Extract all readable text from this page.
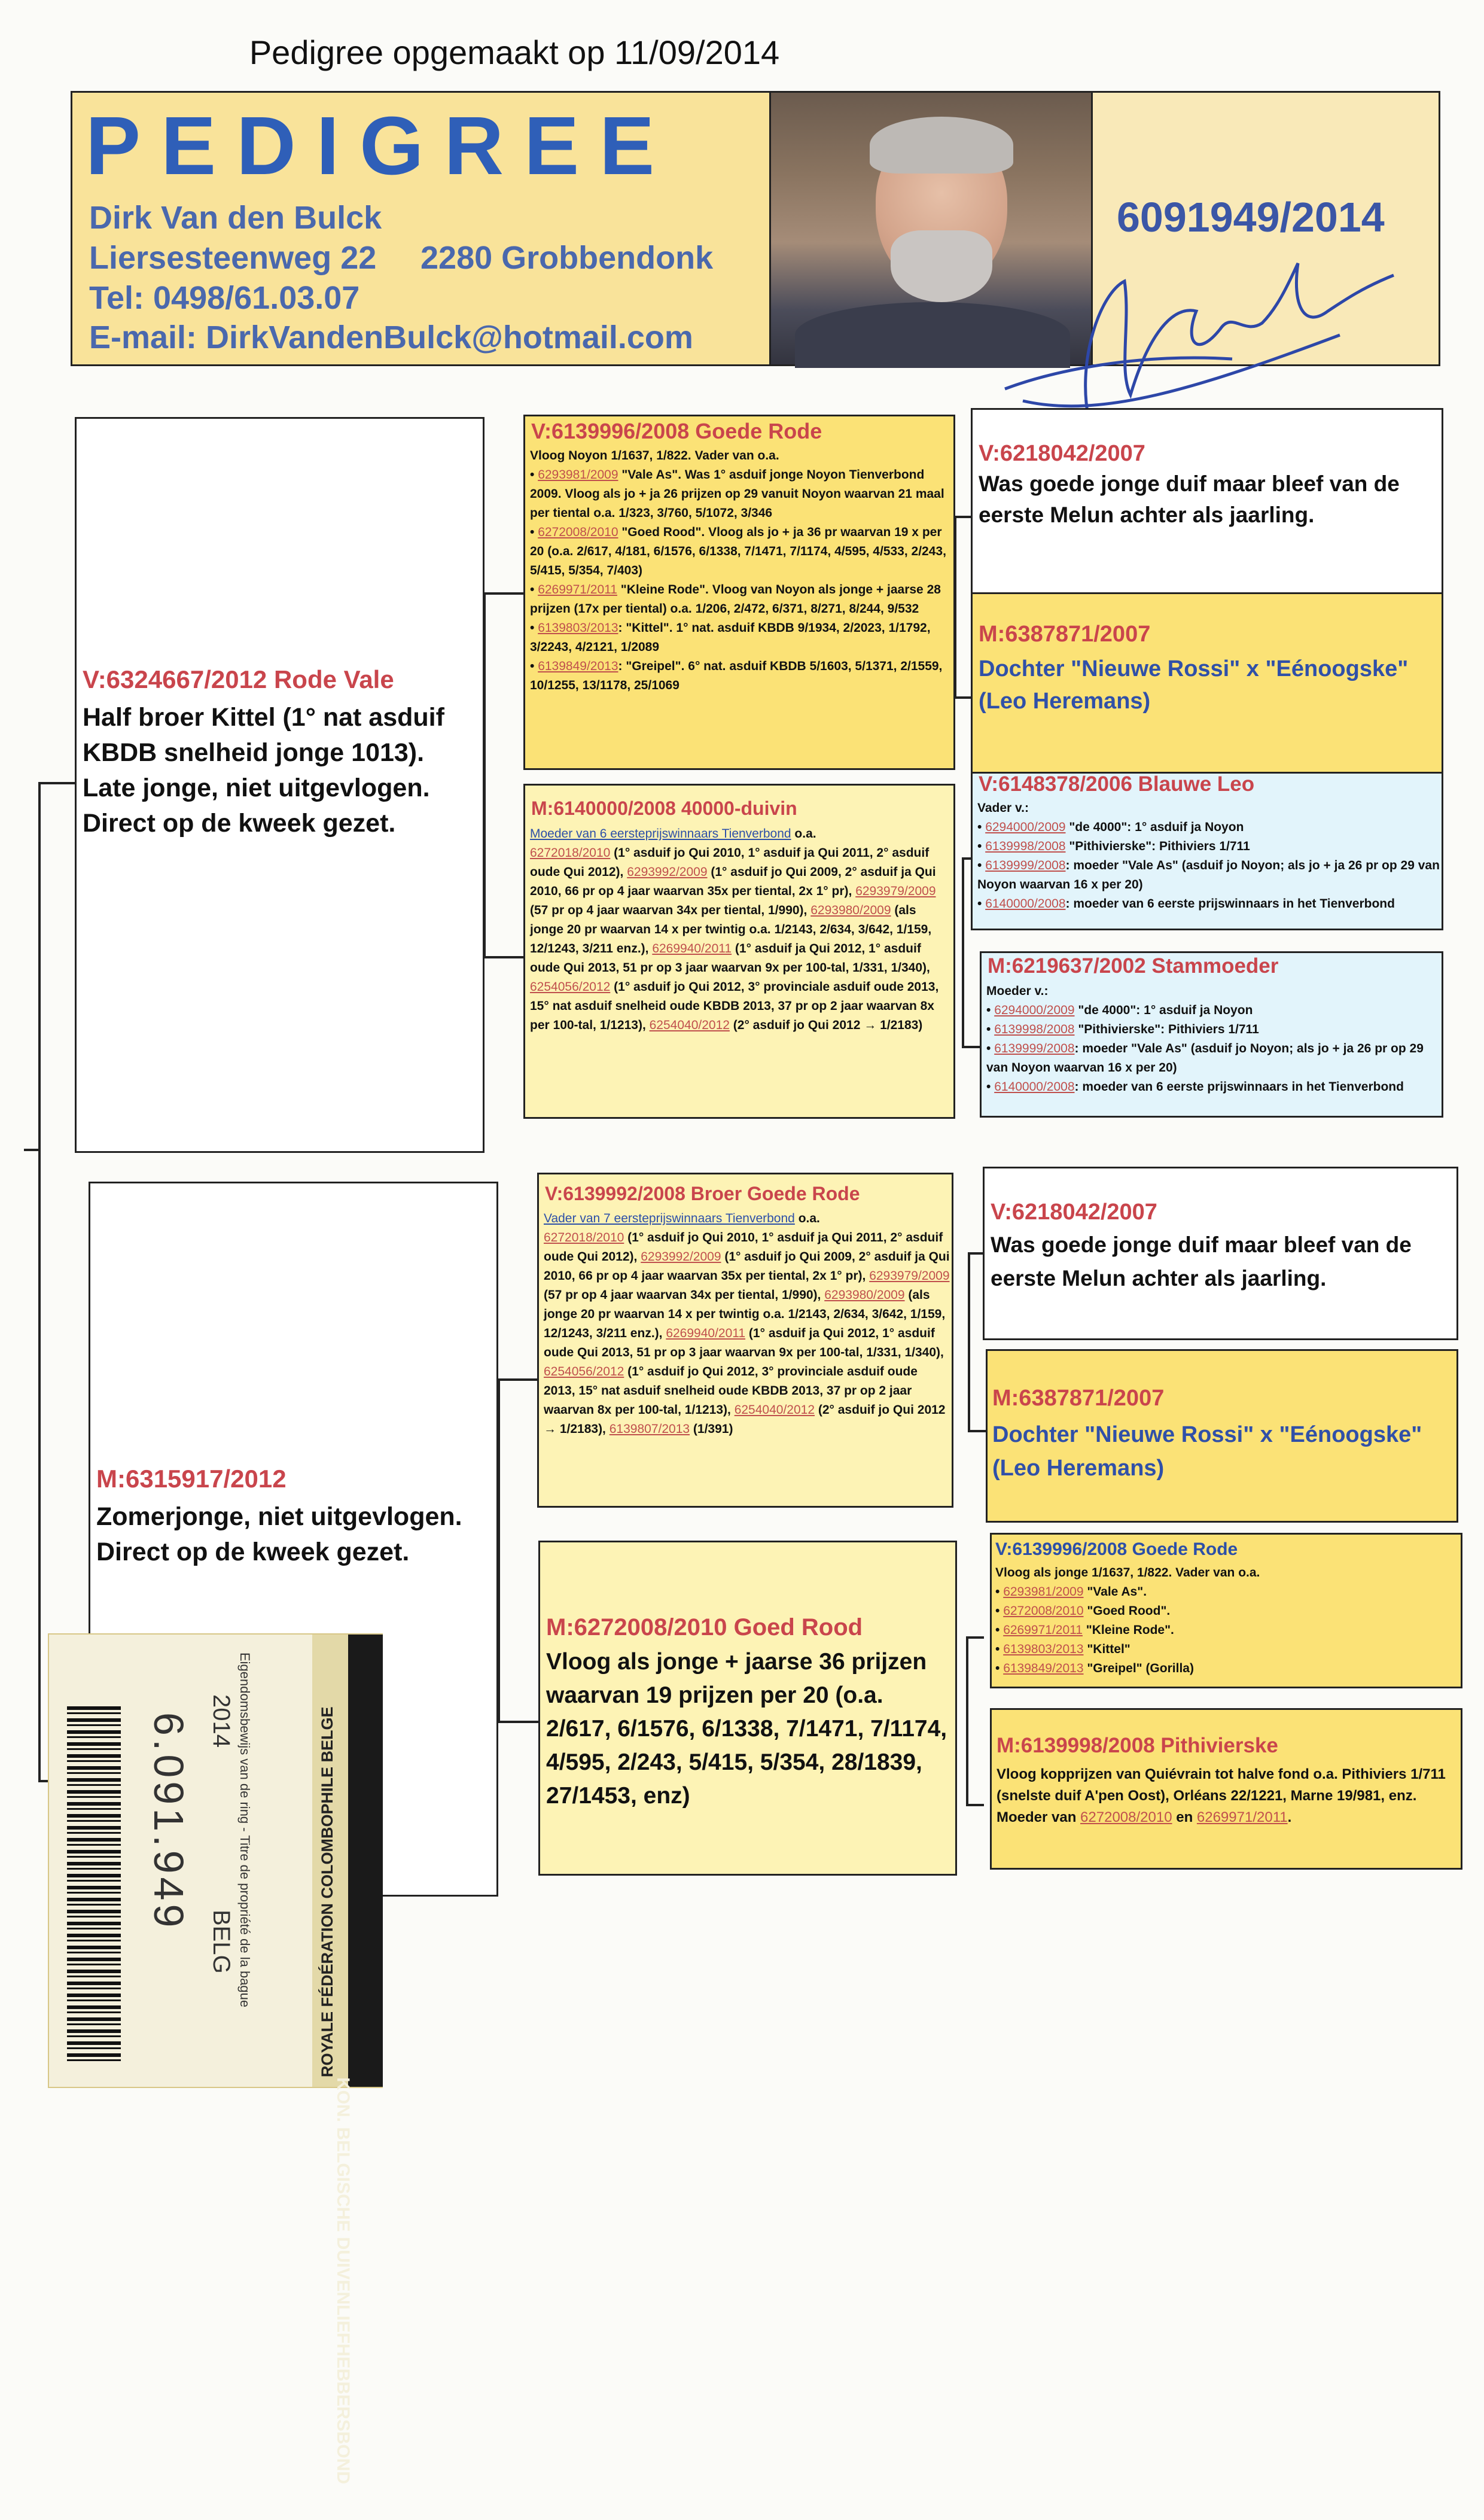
Pedigree opgemaakt op 11/09/2014
PEDIGREE
Dirk Van den Bulck
Liersesteenweg 22 2280 Grobbendonk
Tel: 0498/61.03.07
E-mail: DirkVandenBulck@hotmail.com
6091949/2014
V:6324667/2012 Rode Vale
Half broer Kittel (1° nat asduif KBDB snelheid jonge 1013). Late jonge, niet uitgevlogen. Direct op de kweek gezet.
M:6315917/2012
Zomerjonge, niet uitgevlogen. Direct op de kweek gezet.
V:6139996/2008 Goede Rode
Vloog Noyon 1/1637, 1/822. Vader van o.a.
• 6293981/2009 "Vale As". Was 1° asduif jonge Noyon Tienverbond 2009. Vloog als jo + ja 26 prijzen op 29 vanuit Noyon waarvan 21 maal per tiental o.a. 1/323, 3/760, 5/1072, 3/346
• 6272008/2010 "Goed Rood". Vloog als jo + ja 36 pr waarvan 19 x per 20 (o.a. 2/617, 4/181, 6/1576, 6/1338, 7/1471, 7/1174, 4/595, 4/533, 2/243, 5/415, 5/354, 7/403)
• 6269971/2011 "Kleine Rode". Vloog van Noyon als jonge + jaarse 28 prijzen (17x per tiental) o.a. 1/206, 2/472, 6/371, 8/271, 8/244, 9/532
• 6139803/2013: "Kittel". 1° nat. asduif KBDB 9/1934, 2/2023, 1/1792, 3/2243, 4/2121, 1/2089
• 6139849/2013: "Greipel". 6° nat. asduif KBDB 5/1603, 5/1371, 2/1559, 10/1255, 13/1178, 25/1069
M:6140000/2008 40000-duivin
Moeder van 6 eersteprijswinnaars Tienverbond o.a.
6272018/2010 (1° asduif jo Qui 2010, 1° asduif ja Qui 2011, 2° asduif oude Qui 2012), 6293992/2009 (1° asduif jo Qui 2009, 2° asduif ja Qui 2010, 66 pr op 4 jaar waarvan 35x per tiental, 2x 1° pr), 6293979/2009 (57 pr op 4 jaar waarvan 34x per tiental, 1/990), 6293980/2009 (als jonge 20 pr waarvan 14 x per twintig o.a. 1/2143, 2/634, 3/642, 1/159, 12/1243, 3/211 enz.), 6269940/2011 (1° asduif ja Qui 2012, 1° asduif oude Qui 2013, 51 pr op 3 jaar waarvan 9x per 100-tal, 1/331, 1/340), 6254056/2012 (1° asduif jo Qui 2012, 3° provinciale asduif oude 2013, 15° nat asduif snelheid oude KBDB 2013, 37 pr op 2 jaar waarvan 8x per 100-tal, 1/1213), 6254040/2012 (2° asduif jo Qui 2012 → 1/2183)
V:6139992/2008 Broer Goede Rode
Vader van 7 eersteprijswinnaars Tienverbond o.a.
6272018/2010 (1° asduif jo Qui 2010, 1° asduif ja Qui 2011, 2° asduif oude Qui 2012), 6293992/2009 (1° asduif jo Qui 2009, 2° asduif ja Qui 2010, 66 pr op 4 jaar waarvan 35x per tiental, 2x 1° pr), 6293979/2009 (57 pr op 4 jaar waarvan 34x per tiental, 1/990), 6293980/2009 (als jonge 20 pr waarvan 14 x per twintig o.a. 1/2143, 2/634, 3/642, 1/159, 12/1243, 3/211 enz.), 6269940/2011 (1° asduif ja Qui 2012, 1° asduif oude Qui 2013, 51 pr op 3 jaar waarvan 9x per 100-tal, 1/331, 1/340), 6254056/2012 (1° asduif jo Qui 2012, 3° provinciale asduif oude 2013, 15° nat asduif snelheid oude KBDB 2013, 37 pr op 2 jaar waarvan 8x per 100-tal, 1/1213), 6254040/2012 (2° asduif jo Qui 2012 → 1/2183), 6139807/2013 (1/391)
M:6272008/2010 Goed Rood
Vloog als jonge + jaarse 36 prijzen waarvan 19 prijzen per 20 (o.a. 2/617, 6/1576, 6/1338, 7/1471, 7/1174, 4/595, 2/243, 5/415, 5/354, 28/1839, 27/1453, enz)
V:6218042/2007
Was goede jonge duif maar bleef van de eerste Melun achter als jaarling.
M:6387871/2007
Dochter "Nieuwe Rossi" x "Eénoogske" (Leo Heremans)
V:6148378/2006 Blauwe Leo
Vader v.:
• 6294000/2009 "de 4000": 1° asduif ja Noyon
• 6139998/2008 "Pithivierske": Pithiviers 1/711
• 6139999/2008: moeder "Vale As" (asduif jo Noyon; als jo + ja 26 pr op 29 van Noyon waarvan 16 x per 20)
• 6140000/2008: moeder van 6 eerste prijswinnaars in het Tienverbond
M:6219637/2002 Stammoeder
Moeder v.:
• 6294000/2009 "de 4000": 1° asduif ja Noyon
• 6139998/2008 "Pithivierske": Pithiviers 1/711
• 6139999/2008: moeder "Vale As" (asduif jo Noyon; als jo + ja 26 pr op 29 van Noyon waarvan 16 x per 20)
• 6140000/2008: moeder van 6 eerste prijswinnaars in het Tienverbond
V:6218042/2007
Was goede jonge duif maar bleef van de eerste Melun achter als jaarling.
M:6387871/2007
Dochter "Nieuwe Rossi" x "Eénoogske" (Leo Heremans)
V:6139996/2008 Goede Rode
Vloog als jonge 1/1637, 1/822. Vader van o.a.
• 6293981/2009 "Vale As".
• 6272008/2010 "Goed Rood".
• 6269971/2011 "Kleine Rode".
• 6139803/2013 "Kittel"
• 6139849/2013 "Greipel" (Gorilla)
M:6139998/2008 Pithivierske
Vloog kopprijzen van Quiévrain tot halve fond o.a. Pithiviers 1/711 (snelste duif A'pen Oost), Orléans 22/1221, Marne 19/981, enz. Moeder van 6272008/2010 en 6269971/2011.
KON. BELGISCHE DUIVENLIEFHEBBERSBOND
ROYALE FÉDÉRATION COLOMBOPHILE BELGE
Eigendomsbewijs van de ring - Titre de propriété de la bague
2014
BELG
6.091.949
